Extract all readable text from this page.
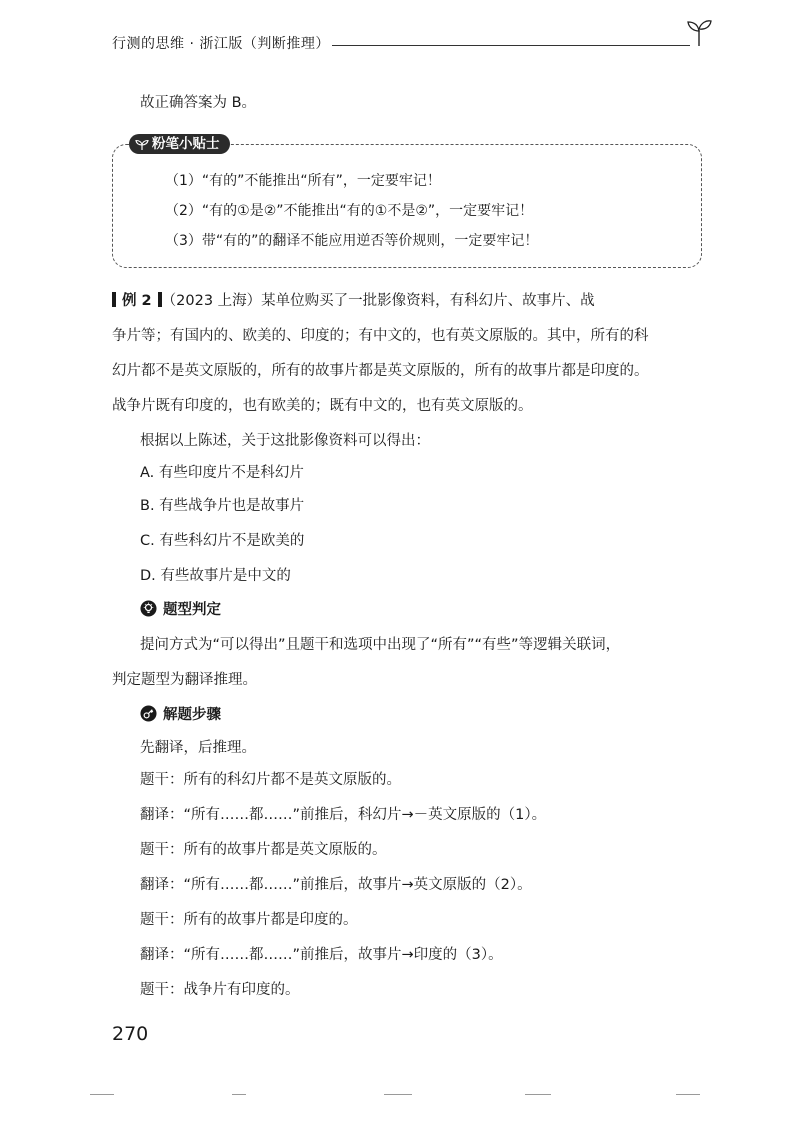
行测的思维 · 浙江版（判断推理）
故正确答案为 B。
粉笔小贴士
（1）“有的”不能推出“所有”，一定要牢记！
（2）“有的①是②”不能推出“有的①不是②”，一定要牢记！
（3）带“有的”的翻译不能应用逆否等价规则，一定要牢记！
例 2 （2023 上海）某单位购买了一批影像资料，有科幻片、故事片、战
争片等；有国内的、欧美的、印度的；有中文的，也有英文原版的。其中，所有的科
幻片都不是英文原版的，所有的故事片都是英文原版的，所有的故事片都是印度的。
战争片既有印度的，也有欧美的；既有中文的，也有英文原版的。
根据以上陈述，关于这批影像资料可以得出：
A. 有些印度片不是科幻片
B. 有些战争片也是故事片
C. 有些科幻片不是欧美的
D. 有些故事片是中文的
题型判定
提问方式为“可以得出”且题干和选项中出现了“所有”“有些”等逻辑关联词，
判定题型为翻译推理。
解题步骤
先翻译，后推理。
题干：所有的科幻片都不是英文原版的。
翻译：“所有……都……”前推后，科幻片→－英文原版的（1）。
题干：所有的故事片都是英文原版的。
翻译：“所有……都……”前推后，故事片→英文原版的（2）。
题干：所有的故事片都是印度的。
翻译：“所有……都……”前推后，故事片→印度的（3）。
题干：战争片有印度的。
270
